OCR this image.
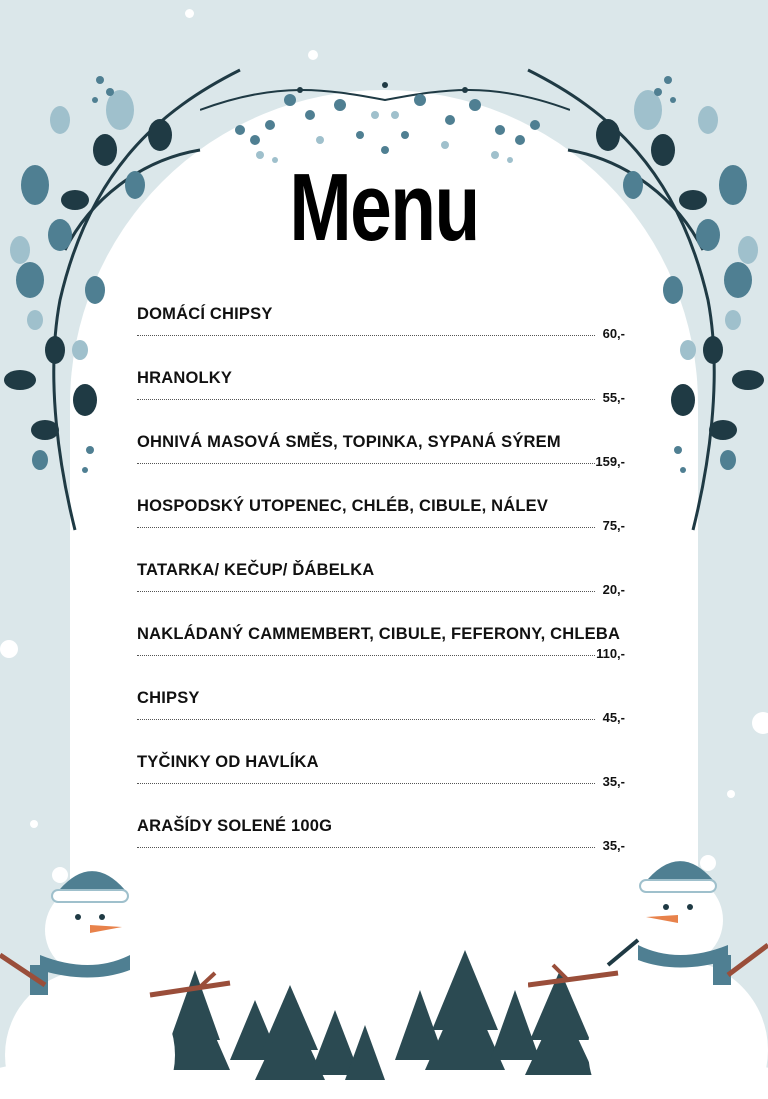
Menu
DOMÁCÍ CHIPSY
60,-
HRANOLKY
55,-
OHNIVÁ MASOVÁ SMĚS, TOPINKA, SYPANÁ SÝREM
159,-
HOSPODSKÝ UTOPENEC, CHLÉB, CIBULE, NÁLEV
75,-
TATARKA/ KEČUP/ ĎÁBELKA
20,-
NAKLÁDANÝ CAMMEMBERT, CIBULE, FEFERONY, CHLEBA
110,-
CHIPSY
45,-
TYČINKY OD HAVLÍKA
35,-
ARAŠÍDY SOLENÉ 100G
35,-
